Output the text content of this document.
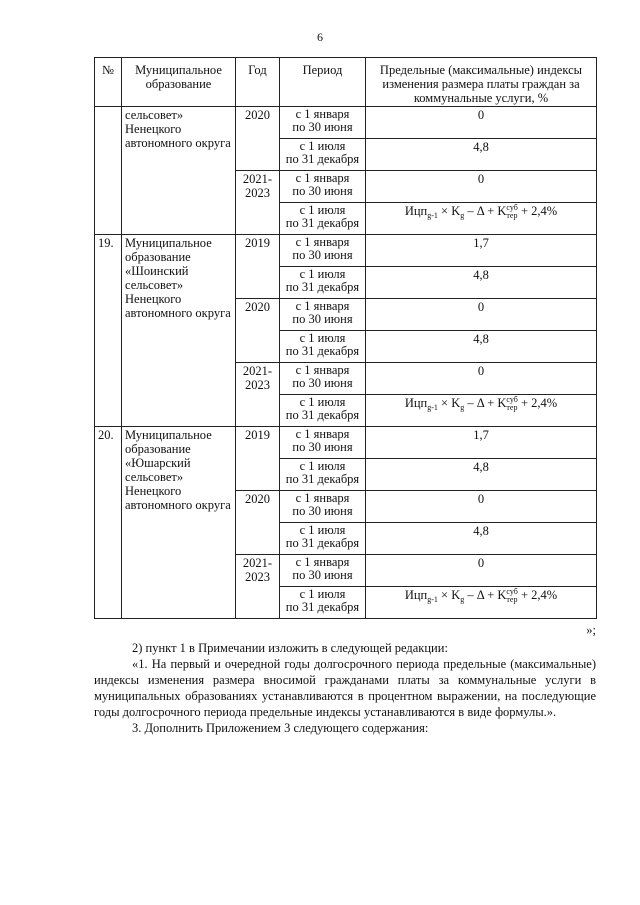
6
№	Муниципальное образование	Год	Период	Предельные (максимальные) индексы изменения размера платы граждан за коммунальные услуги, %
	сельсовет» Ненецкого автономного округа	2020	с 1 января
по 30 июня	0
			с 1 июля
по 31 декабря	4,8
		2021-
2023	с 1 января
по 30 июня	0
			с 1 июля
по 31 декабря	$Ицп_{g-1} \times K_g - \Delta$ + Kсуб
тер + 2,4%
19.	Муниципальное образование «Шоинский сельсовет» Ненецкого автономного округа	2019	с 1 января
по 30 июня	1,7
			с 1 июля
по 31 декабря	4,8
		2020	с 1 января
по 30 июня	0
			с 1 июля
по 31 декабря	4,8
		2021-
2023	с 1 января
по 30 июня	0
			с 1 июля
по 31 декабря	$Ицп_{g-1} \times K_g - \Delta$ + Kсуб
тер + 2,4%
20.	Муниципальное образование «Юшарский сельсовет» Ненецкого автономного округа	2019	с 1 января
по 30 июня	1,7
			с 1 июля
по 31 декабря	4,8
		2020	с 1 января
по 30 июня	0
			с 1 июля
по 31 декабря	4,8
		2021-
2023	с 1 января
по 30 июня	0
			с 1 июля
по 31 декабря	$Ицп_{g-1} \times K_g - \Delta$ + Kсуб
тер + 2,4%

»;

2) пункт 1 в Примечании изложить в следующей редакции:

«1. На первый и очередной годы долгосрочного периода предельные (максимальные) индексы изменения размера вносимой гражданами платы за коммунальные услуги в муниципальных образованиях устанавливаются в процентном выражении, на последующие годы долгосрочного периода предельные индексы устанавливаются в виде формулы.».

3. Дополнить Приложением 3 следующего содержания:
